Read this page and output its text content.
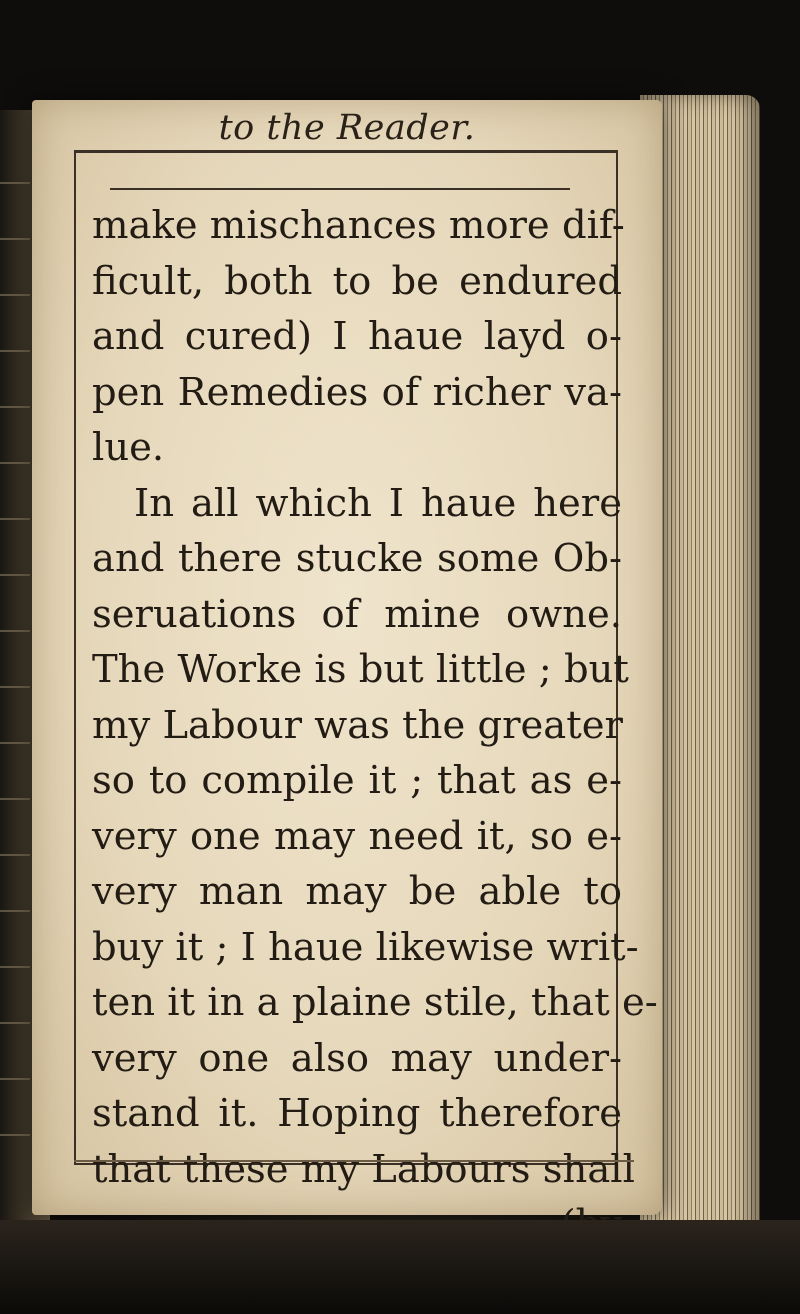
to the Reader.
make mischances more dif-
ficult, both to be endured
and cured) I haue layd o-
pen Remedies of richer va-
lue.
In all which I haue here
and there stucke some Ob-
seruations of mine owne.
The Worke is but little ; but
my Labour was the greater
so to compile it ; that as e-
very one may need it, so e-
very man may be able to
buy it ; I haue likewise writ-
ten it in a plaine stile, that e-
very one also may under-
stand it. Hoping therefore
that these my Labours shall
